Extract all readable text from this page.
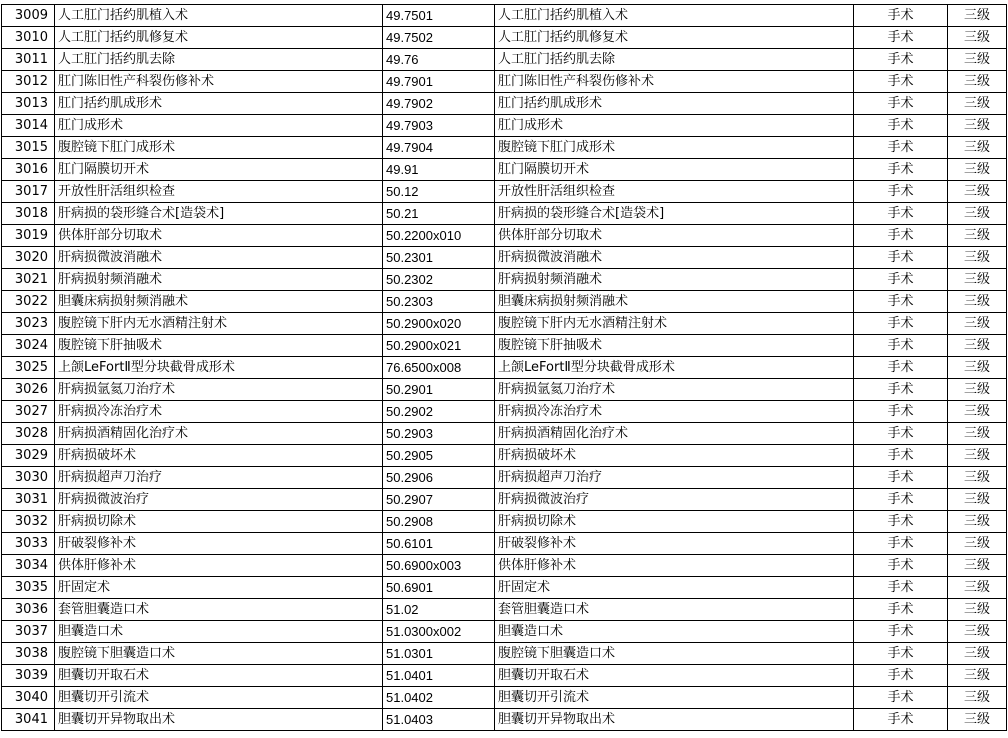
3009	人工肛门括约肌植入术	49.7501	人工肛门括约肌植入术	手术	三级
3010	人工肛门括约肌修复术	49.7502	人工肛门括约肌修复术	手术	三级
3011	人工肛门括约肌去除	49.76	人工肛门括约肌去除	手术	三级
3012	肛门陈旧性产科裂伤修补术	49.7901	肛门陈旧性产科裂伤修补术	手术	三级
3013	肛门括约肌成形术	49.7902	肛门括约肌成形术	手术	三级
3014	肛门成形术	49.7903	肛门成形术	手术	三级
3015	腹腔镜下肛门成形术	49.7904	腹腔镜下肛门成形术	手术	三级
3016	肛门隔膜切开术	49.91	肛门隔膜切开术	手术	三级
3017	开放性肝活组织检查	50.12	开放性肝活组织检查	手术	三级
3018	肝病损的袋形缝合术[造袋术]	50.21	肝病损的袋形缝合术[造袋术]	手术	三级
3019	供体肝部分切取术	50.2200x010	供体肝部分切取术	手术	三级
3020	肝病损微波消融术	50.2301	肝病损微波消融术	手术	三级
3021	肝病损射频消融术	50.2302	肝病损射频消融术	手术	三级
3022	胆囊床病损射频消融术	50.2303	胆囊床病损射频消融术	手术	三级
3023	腹腔镜下肝内无水酒精注射术	50.2900x020	腹腔镜下肝内无水酒精注射术	手术	三级
3024	腹腔镜下肝抽吸术	50.2900x021	腹腔镜下肝抽吸术	手术	三级
3025	上颌LeFortⅡ型分块截骨成形术	76.6500x008	上颌LeFortⅡ型分块截骨成形术	手术	三级
3026	肝病损氩氦刀治疗术	50.2901	肝病损氩氦刀治疗术	手术	三级
3027	肝病损冷冻治疗术	50.2902	肝病损冷冻治疗术	手术	三级
3028	肝病损酒精固化治疗术	50.2903	肝病损酒精固化治疗术	手术	三级
3029	肝病损破坏术	50.2905	肝病损破坏术	手术	三级
3030	肝病损超声刀治疗	50.2906	肝病损超声刀治疗	手术	三级
3031	肝病损微波治疗	50.2907	肝病损微波治疗	手术	三级
3032	肝病损切除术	50.2908	肝病损切除术	手术	三级
3033	肝破裂修补术	50.6101	肝破裂修补术	手术	三级
3034	供体肝修补术	50.6900x003	供体肝修补术	手术	三级
3035	肝固定术	50.6901	肝固定术	手术	三级
3036	套管胆囊造口术	51.02	套管胆囊造口术	手术	三级
3037	胆囊造口术	51.0300x002	胆囊造口术	手术	三级
3038	腹腔镜下胆囊造口术	51.0301	腹腔镜下胆囊造口术	手术	三级
3039	胆囊切开取石术	51.0401	胆囊切开取石术	手术	三级
3040	胆囊切开引流术	51.0402	胆囊切开引流术	手术	三级
3041	胆囊切开异物取出术	51.0403	胆囊切开异物取出术	手术	三级
